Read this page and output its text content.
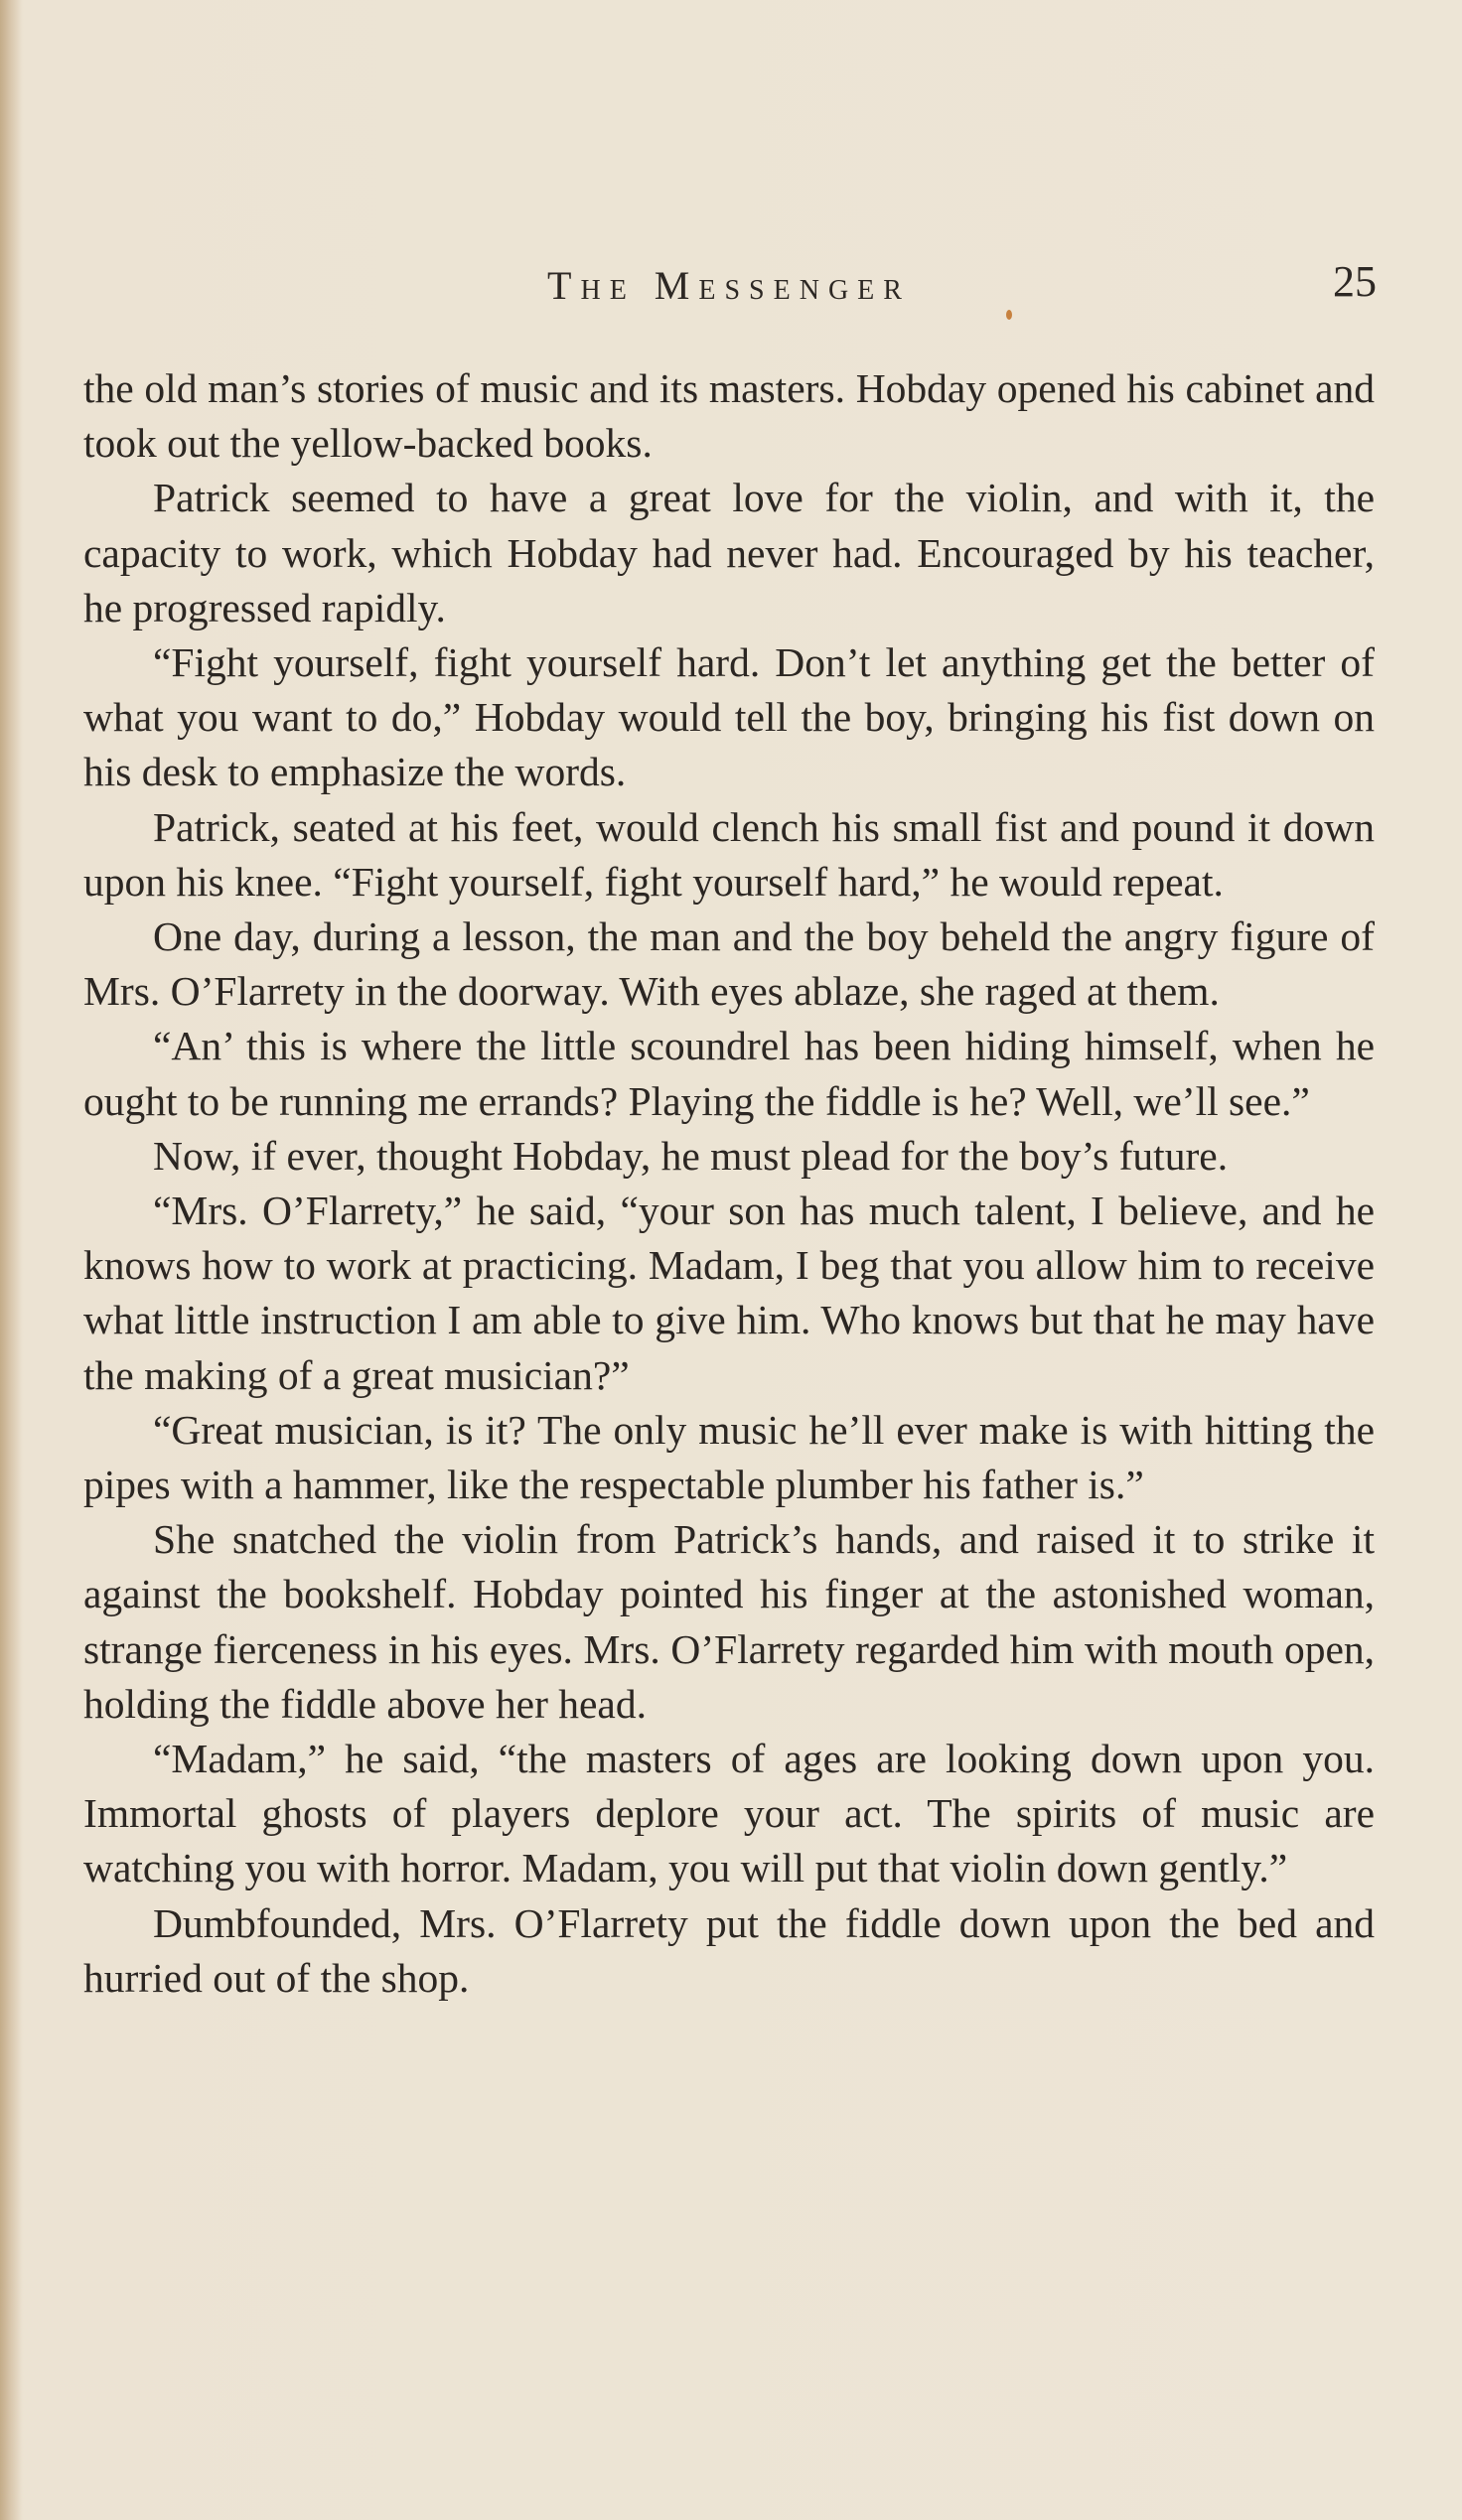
The Messenger	25

the old man’s stories of music and its masters. Hobday opened his cabinet and took out the yellow-backed books.

Patrick seemed to have a great love for the violin, and with it, the capacity to work, which Hobday had never had. Encouraged by his teacher, he progressed rapidly.

“Fight yourself, fight yourself hard. Don’t let anything get the better of what you want to do,” Hobday would tell the boy, bringing his fist down on his desk to emphasize the words.

Patrick, seated at his feet, would clench his small fist and pound it down upon his knee. “Fight yourself, fight yourself hard,” he would repeat.

One day, during a lesson, the man and the boy beheld the angry figure of Mrs. O’Flarrety in the doorway. With eyes ablaze, she raged at them.

“An’ this is where the little scoundrel has been hiding himself, when he ought to be running me errands? Playing the fiddle is he? Well, we’ll see.”

Now, if ever, thought Hobday, he must plead for the boy’s future.

“Mrs. O’Flarrety,” he said, “your son has much talent, I believe, and he knows how to work at practicing. Madam, I beg that you allow him to receive what little instruction I am able to give him. Who knows but that he may have the making of a great musician?”

“Great musician, is it? The only music he’ll ever make is with hitting the pipes with a hammer, like the respectable plumber his father is.”

She snatched the violin from Patrick’s hands, and raised it to strike it against the bookshelf. Hobday pointed his finger at the astonished woman, strange fierceness in his eyes. Mrs. O’Flarrety regarded him with mouth open, holding the fiddle above her head.

“Madam,” he said, “the masters of ages are looking down upon you. Immortal ghosts of players deplore your act. The spirits of music are watching you with horror. Madam, you will put that violin down gently.”

Dumbfounded, Mrs. O’Flarrety put the fiddle down upon the bed and hurried out of the shop.
